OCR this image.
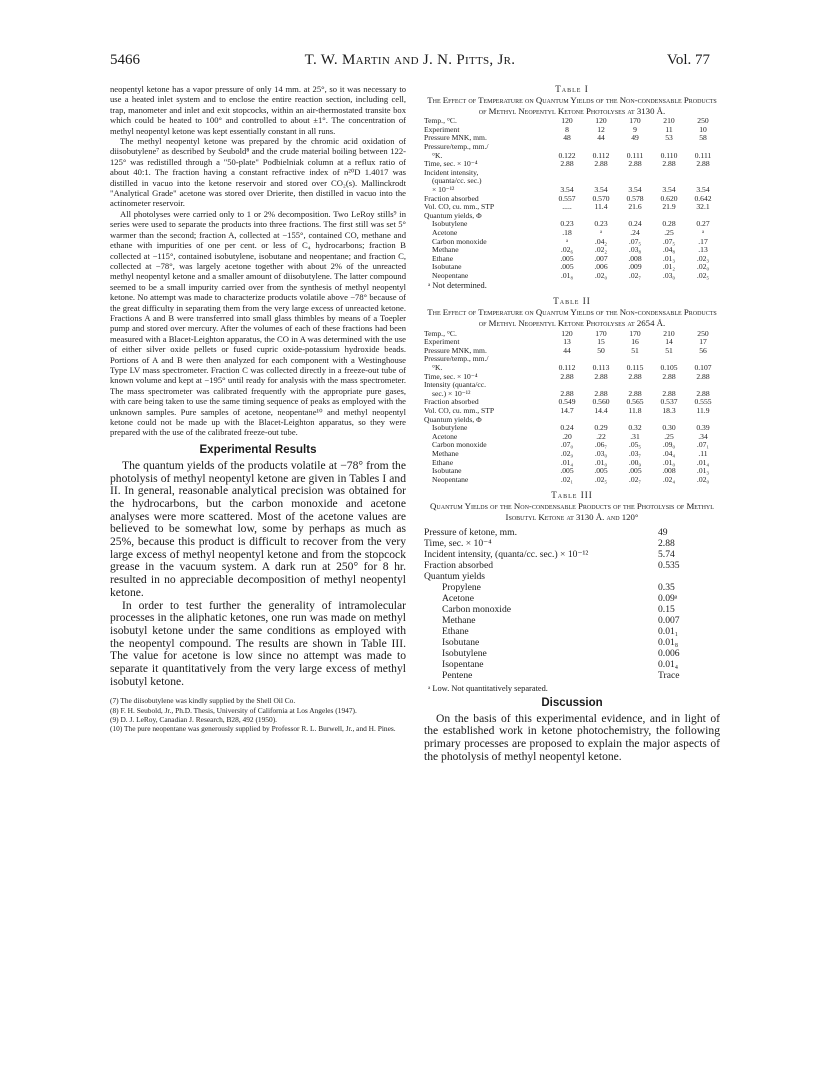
5466	T. W. Martin and J. N. Pitts, Jr.	Vol. 77

neopentyl ketone has a vapor pressure of only 14 mm. at 25°, so it was necessary to use a heated inlet system and to enclose the entire reaction section, including cell, trap, manometer and inlet and exit stopcocks, within an air-thermostated transite box which could be heated to 100° and controlled to about ±1°. The concentration of methyl neopentyl ketone was kept essentially constant in all runs.

The methyl neopentyl ketone was prepared by the chromic acid oxidation of diisobutylene⁷ as described by Seubold⁸ and the crude material boiling between 122-125° was redistilled through a "50-plate" Podbielniak column at a reflux ratio of about 40:1. The fraction having a constant refractive index of n²⁰D 1.4017 was distilled in vacuo into the ketone reservoir and stored over CO₂(s). Mallinckrodt "Analytical Grade" acetone was stored over Drierite, then distilled in vacuo into the actinometer reservoir.

All photolyses were carried only to 1 or 2% decomposition. Two LeRoy stills⁹ in series were used to separate the products into three fractions. The first still was set 5° warmer than the second; fraction A, collected at −155°, contained CO, methane and ethane with impurities of one per cent. or less of C₄ hydrocarbons; fraction B collected at −115°, contained isobutylene, isobutane and neopentane; and fraction C, collected at −78°, was largely acetone together with about 2% of the unreacted methyl neopentyl ketone and a smaller amount of diisobutylene. The latter compound seemed to be a small impurity carried over from the synthesis of methyl neopentyl ketone. No attempt was made to characterize products volatile above −78° because of the great difficulty in separating them from the very large excess of unreacted ketone. Fractions A and B were transferred into small glass thimbles by means of a Toepler pump and stored over mercury. After the volumes of each of these fractions had been measured with a Blacet-Leighton apparatus, the CO in A was determined with the use of either silver oxide pellets or fused cupric oxide-potassium hydroxide beads. Portions of A and B were then analyzed for each component with a Westinghouse Type LV mass spectrometer. Fraction C was collected directly in a freeze-out tube of known volume and kept at −195° until ready for analysis with the mass spectrometer. The mass spectrometer was calibrated frequently with the appropriate pure gases, with care being taken to use the same timing sequence of peaks as employed with the unknown samples. Pure samples of acetone, neopentane¹⁰ and methyl neopentyl ketone could not be made up with the Blacet-Leighton apparatus, so they were prepared with the use of the calibrated freeze-out tube.

Experimental Results

The quantum yields of the products volatile at −78° from the photolysis of methyl neopentyl ketone are given in Tables I and II. In general, reasonable analytical precision was obtained for the hydrocarbons, but the carbon monoxide and acetone analyses were more scattered. Most of the acetone values are believed to be somewhat low, some by perhaps as much as 25%, because this product is difficult to recover from the very large excess of methyl neopentyl ketone and from the stopcock grease in the vacuum system. A dark run at 250° for 8 hr. resulted in no appreciable decomposition of methyl neopentyl ketone.

In order to test further the generality of intramolecular processes in the aliphatic ketones, one run was made on methyl isobutyl ketone under the same conditions as employed with the neopentyl compound. The results are shown in Table III. The value for acetone is low since no attempt was made to separate it quantitatively from the very large excess of methyl isobutyl ketone.

(7) The diisobutylene was kindly supplied by the Shell Oil Co.
(8) F. H. Seubold, Jr., Ph.D. Thesis, University of California at Los Angeles (1947).
(9) D. J. LeRoy, Canadian J. Research, B28, 492 (1950).
(10) The pure neopentane was generously supplied by Professor R. L. Burwell, Jr., and H. Pines.
Table I
The Effect of Temperature on Quantum Yields of the Non-condensable Products of Methyl Neopentyl Ketone Photolyses at 3130 Å.
Temp., °C.	120	120	170	210	250
Experiment	8	12	9	11	10
Pressure MNK, mm.	48	44	49	53	58
Pressure/temp., mm./					
°K.	0.122	0.112	0.111	0.110	0.111
Time, sec. × 10⁻⁴	2.88	2.88	2.88	2.88	2.88
Incident intensity,					
(quanta/cc. sec.)					
× 10⁻¹²	3.54	3.54	3.54	3.54	3.54
Fraction absorbed	0.557	0.570	0.578	0.620	0.642
Vol. CO, cu. mm., STP	.....	11.4	21.6	21.9	32.1
Quantum yields, Φ					
Isobutylene	0.23	0.23	0.24	0.28	0.27
Acetone	.18	ᵃ	.24	.25	ᵃ
Carbon monoxide	ᵃ	.04₂	.07₅	.07₅	.17
Methane	.02₆	.02₂	.03₈	.04₈	.13
Ethane	.005	.007	.008	.01₃	.02₃
Isobutane	.005	.006	.009	.01₂	.02₀
Neopentane	.01₈	.02₀	.02₇	.03₀	.02₅
ᵃ Not determined.
Table II
The Effect of Temperature on Quantum Yields of the Non-condensable Products of Methyl Neopentyl Ketone Photolyses at 2654 Å.
Temp., °C.	120	170	170	210	250
Experiment	13	15	16	14	17
Pressure MNK, mm.	44	50	51	51	56
Pressure/temp., mm./					
°K.	0.112	0.113	0.115	0.105	0.107
Time, sec. × 10⁻⁴	2.88	2.88	2.88	2.88	2.88
Intensity (quanta/cc.					
sec.) × 10⁻¹²	2.88	2.88	2.88	2.88	2.88
Fraction absorbed	0.549	0.560	0.565	0.537	0.555
Vol. CO, cu. mm., STP	14.7	14.4	11.8	18.3	11.9
Quantum yields, Φ					
Isobutylene	0.24	0.29	0.32	0.30	0.39
Acetone	.20	.22	.31	.25	.34
Carbon monoxide	.07₀	.06₇	.05₅	.09₀	.07₁
Methane	.02₉	.03₀	.03₇	.04₄	.11
Ethane	.01₄	.01₀	.00₉	.01₀	.01₄
Isobutane	.005	.005	.005	.008	.01₃
Neopentane	.02₁	.02₅	.02₇	.02₄	.02₀
Table III
Quantum Yields of the Non-condensable Products of the Photolysis of Methyl Isobutyl Ketone at 3130 Å. and 120°
Pressure of ketone, mm.	49
Time, sec. × 10⁻⁴	2.88
Incident intensity, (quanta/cc. sec.) × 10⁻¹²	5.74
Fraction absorbed	0.535
Quantum yields	
Propylene	0.35
Acetone	0.09ᵃ
Carbon monoxide	0.15
Methane	0.007
Ethane	0.01₁
Isobutane	0.01₈
Isobutylene	0.006
Isopentane	0.01₄
Pentene	Trace
ᵃ Low. Not quantitatively separated.
Discussion

On the basis of this experimental evidence, and in light of the established work in ketone photochemistry, the following primary processes are proposed to explain the major aspects of the photolysis of methyl neopentyl ketone.
